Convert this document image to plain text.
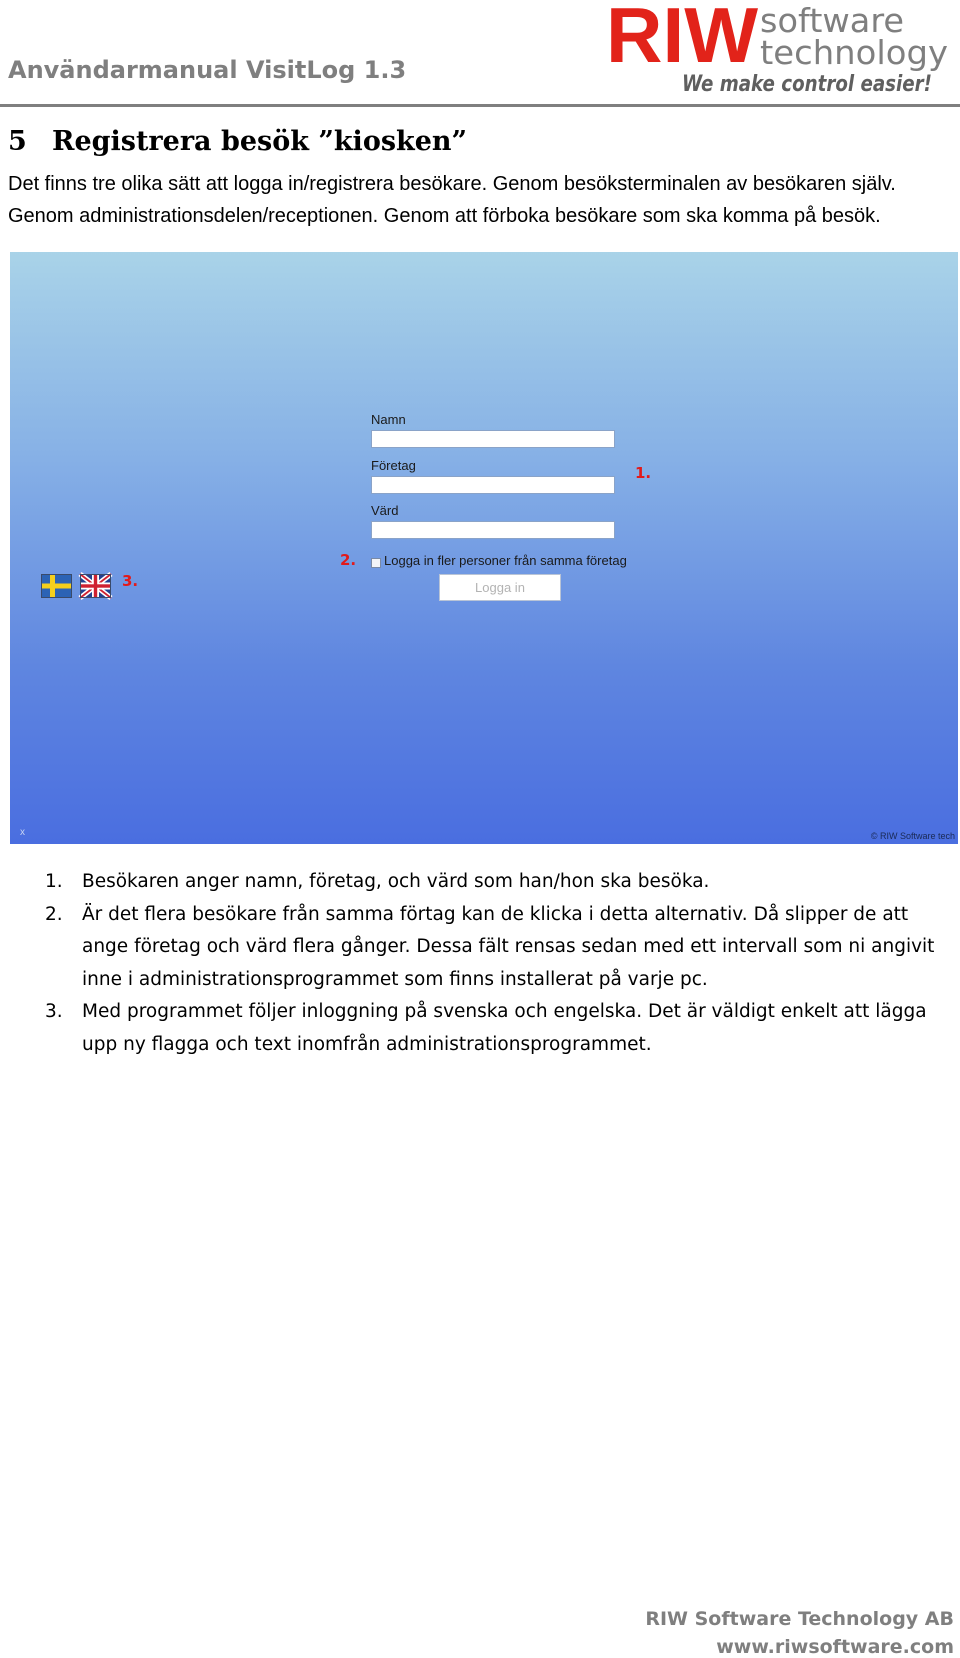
Användarmanual VisitLog 1.3	RIW software
technology
We make control easier!
5 Registrera besök ”kiosken”

Det finns tre olika sätt att logga in/registrera besökare. Genom besöksterminalen av besökaren själv. Genom administrationsdelen/receptionen. Genom att förboka besökare som ska komma på besök.

Namn
Företag
Värd
1.
2.
3.
Logga in fler personer från samma företag
Logga in
x	© RIW Software tech
1. Besökaren anger namn, företag, och värd som han/hon ska besöka.
2. Är det flera besökare från samma förtag kan de klicka i detta alternativ. Då slipper de att ange företag och värd flera gånger. Dessa fält rensas sedan med ett intervall som ni angivit inne i administrationsprogrammet som finns installerat på varje pc.
3. Med programmet följer inloggning på svenska och engelska. Det är väldigt enkelt att lägga upp ny flagga och text inomfrån administrationsprogrammet.
RIW Software Technology AB
www.riwsoftware.com
